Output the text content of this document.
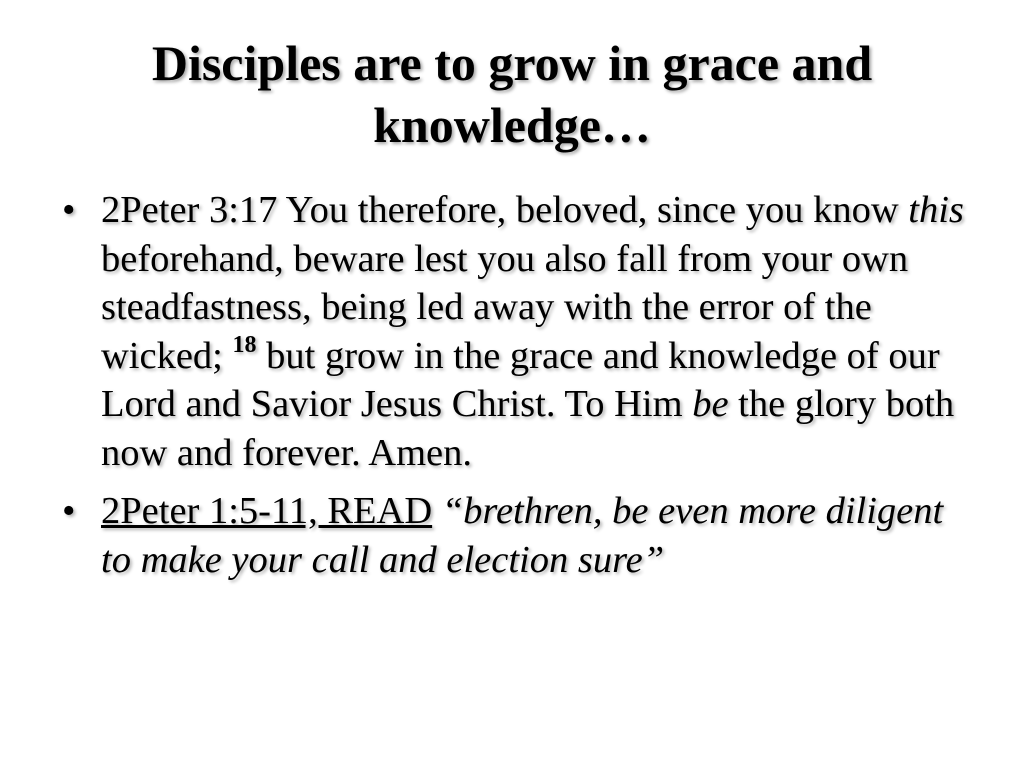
Disciples are to grow in grace and
knowledge…
• 2Peter 3:17 You therefore, beloved, since you know this beforehand, beware lest you also fall from your own steadfastness, being led away with the error of the wicked; $^{18}$ but grow in the grace and knowledge of our Lord and Savior Jesus Christ. To Him be the glory both now and forever. Amen.
• 2Peter 1:5-11, READ “brethren, be even more diligent to make your call and election sure”
